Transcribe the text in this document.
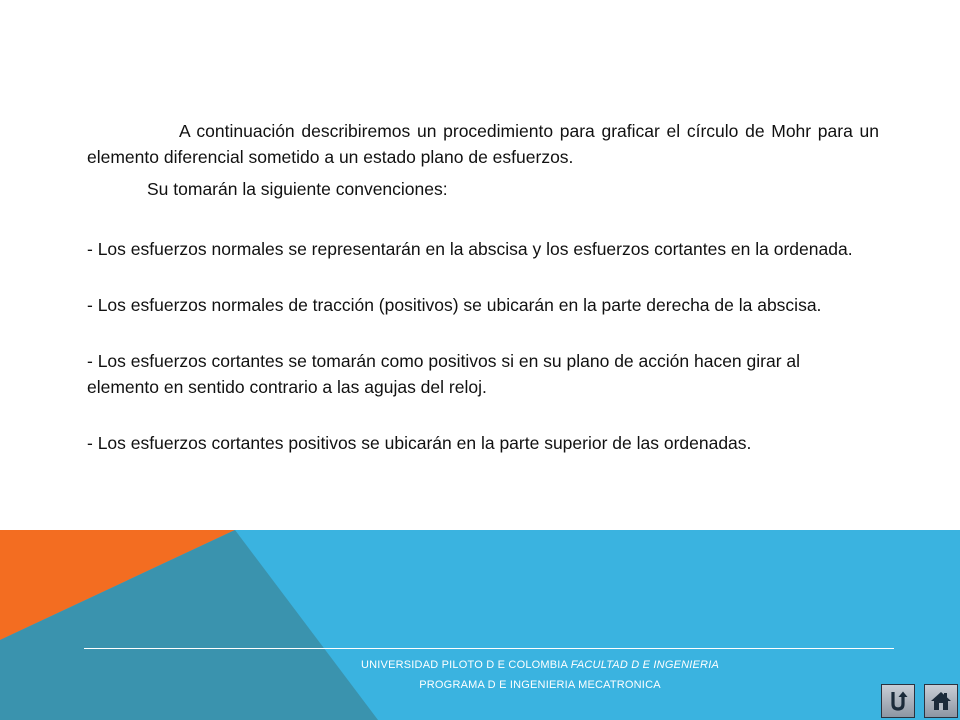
A continuación describiremos un procedimiento para graficar el círculo de Mohr para un elemento diferencial sometido a un estado plano de esfuerzos.

Su tomarán la siguiente convenciones:

- Los esfuerzos normales se representarán en la abscisa y los esfuerzos cortantes en la ordenada.

- Los esfuerzos normales de tracción (positivos) se ubicarán en la parte derecha de la abscisa.

- Los esfuerzos cortantes se tomarán como positivos si en su plano de acción hacen girar al elemento en sentido contrario a las agujas del reloj.

- Los esfuerzos cortantes positivos se ubicarán en la parte superior de las ordenadas.

UNIVERSIDAD PILOTO D E COLOMBIA FACULTAD D E INGENIERIA
PROGRAMA D E INGENIERIA MECATRONICA
